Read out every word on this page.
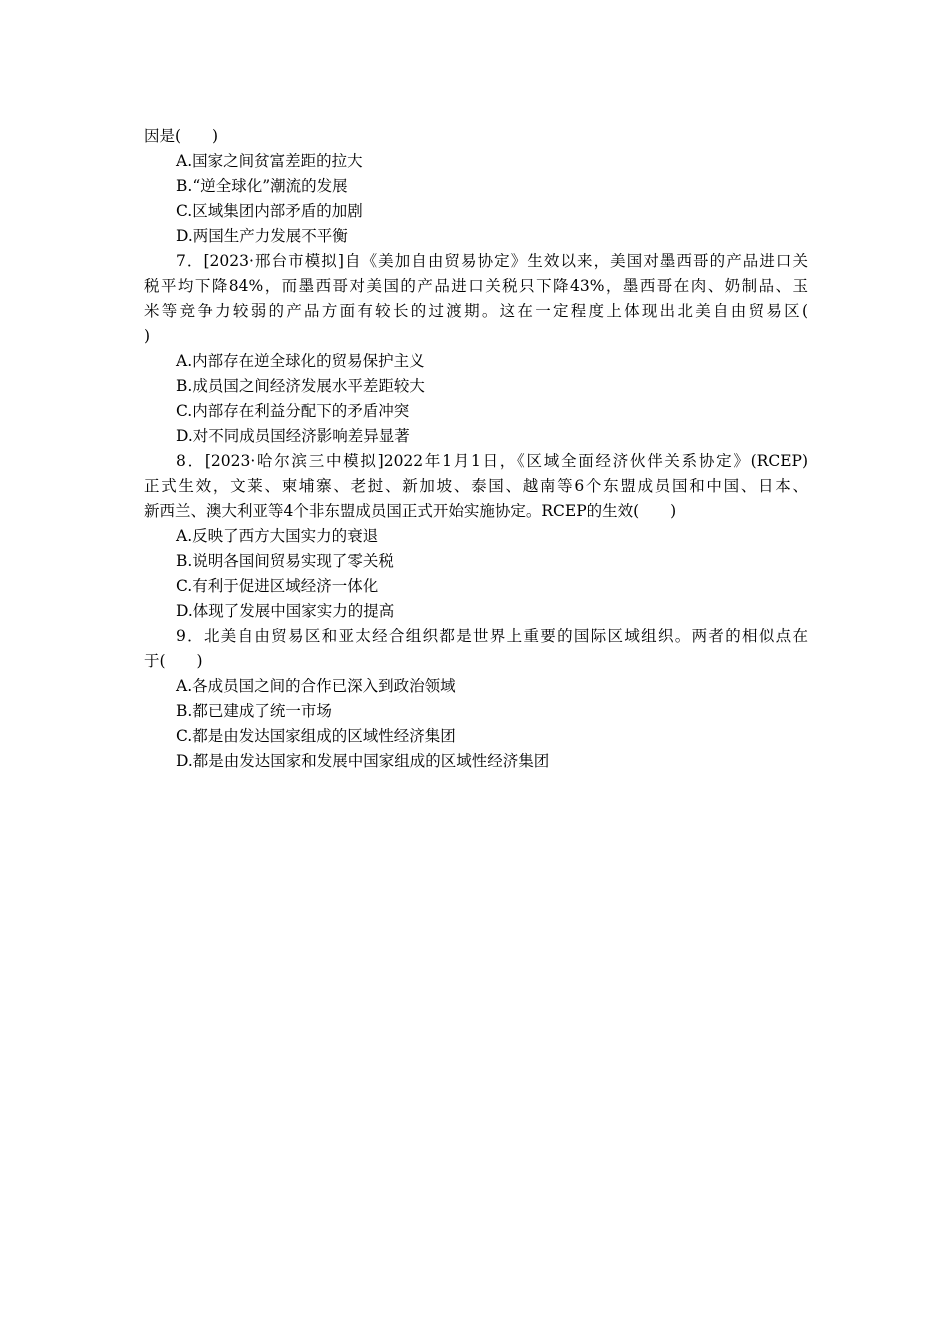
因是(　　)
A.国家之间贫富差距的拉大
B.“逆全球化”潮流的发展
C.区域集团内部矛盾的加剧
D.两国生产力发展不平衡
7．[2023·邢台市模拟]自《美加自由贸易协定》生效以来，美国对墨西哥的产品进口关
税平均下降84%，而墨西哥对美国的产品进口关税只下降43%，墨西哥在肉、奶制品、玉
米等竞争力较弱的产品方面有较长的过渡期。这在一定程度上体现出北美自由贸易区(
)
A.内部存在逆全球化的贸易保护主义
B.成员国之间经济发展水平差距较大
C.内部存在利益分配下的矛盾冲突
D.对不同成员国经济影响差异显著
8．[2023·哈尔滨三中模拟]2022年1月1日，《区域全面经济伙伴关系协定》(RCEP)
正式生效，文莱、柬埔寨、老挝、新加坡、泰国、越南等6个东盟成员国和中国、日本、
新西兰、澳大利亚等4个非东盟成员国正式开始实施协定。RCEP的生效(　　)
A.反映了西方大国实力的衰退
B.说明各国间贸易实现了零关税
C.有利于促进区域经济一体化
D.体现了发展中国家实力的提高
9．北美自由贸易区和亚太经合组织都是世界上重要的国际区域组织。两者的相似点在
于(　　)
A.各成员国之间的合作已深入到政治领域
B.都已建成了统一市场
C.都是由发达国家组成的区域性经济集团
D.都是由发达国家和发展中国家组成的区域性经济集团
